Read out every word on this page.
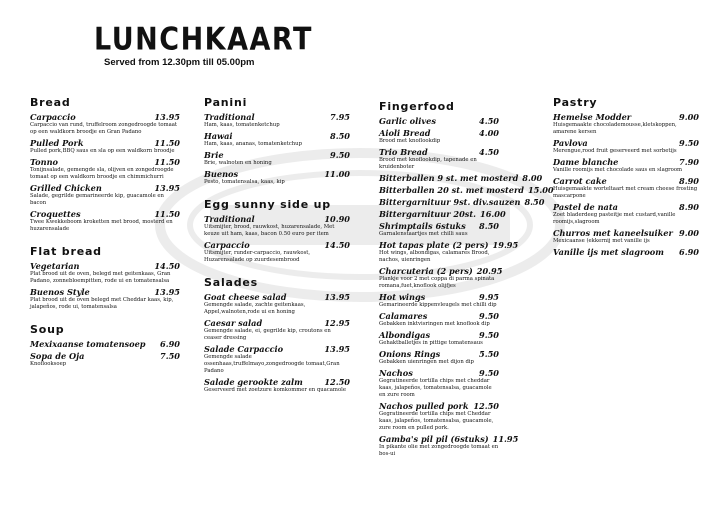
LUNCHKAART
Served from 12.30pm till 05.00pm
Bread
Carpaccio	13.95
Carpaccio van rund, truffelroom zongedroogde tomaat op een waldkorn broodje en Gran Padano
Pulled Pork	11.50
Pulled pork,BBQ saus en sla op een waldkorn broodje
Tonno	11.50
Tonijnsalade, gemengde sla, olijven en zongedroogde tomaat op een waldkorn broodje en chimmichurri
Grilled Chicken	13.95
Salade, gegrilde gemarineerde kip, guacamole en bacon
Croquettes	11.50
Twee Kwekkeboom kroketten met brood, mosterd en huzarensalade
Flat bread
Vegetarian	14.50
Plat brood uit de oven, belegd met geitenkaas, Gran Padano, zonnebloempitten, rode ui en tomatensalsa
Buenos Style	13.95
Plat brood uit de oven belegd met Cheddar kaas, kip, jalapeños, rode ui, tomatensalsa
Soup
Mexixaanse tomatensoep 6.90
Sopa de Oja	7.50
Knoflooksoep
Panini
Traditional	7.95
Ham, kaas, tomatenketchup
Hawai	8.50
Ham, kaas, ananas, tomatenketchup
Brie	9.50
Brie, walnoten en honing
Buenos	11.00
Pesto, tomatensalsa, kaas, kip
Egg sunny side up
Traditional	10.90
Uitsmijter, brood, rauwkost, huzarensalade, Met keuze uit ham, kaas, bacon 0.50 euro per item
Carpaccio	14.50
Uitsmijter, runder-carpaccio, rauwkost, Huzarensalade op zuurdesembrood
Salades
Goat cheese salad	13.95
Gemengde salade, zachte geitenkaas, Appel,walnoten,rode ui en honing
Caesar salad	12.95
Gemengde salade, ei, gegrilde kip, croutons en ceaser dressing
Salade Carpaccio	13.95
Gemengde salade ossenhaas,truffelmayo,zongedroogde tomaat,Gran Padano
Salade gerookte zalm	12.50
Geserveerd met zoetzure komkommer en quacamole
Fingerfood
Garlic olives	4.50
Aioli Bread	4.00
Brood met knoflookdip
Trio Bread	4.50
Brood met knoflookdip, tapenade en kruidenboter
Bitterballen 9 st. met mosterd 8.00
Bitterballen 20 st. met mosterd 15.00
Bittergarnituur 9st. div.sauzen 8.50
Bittergarnituur 20st. 16.00
Shrimptails 6stuks 8.50
Garnalenstaartjes met chilli saus
Hot tapas plate (2 pers) 19.95
Hot wings, albondigas, calamares Brood, nachos, uienringen
Charcuteria (2 pers) 20.95
Plankje voor 2 met coppa di parma spinata romana,fuet,knoflook olijfjes
Hot wings	9.95
Gemarineerde kippenvleugels met chilli dip
Calamares	9.50
Gebakken inktvisringen met knoflook dip
Albondigas	9.50
Gehaktballetjes in pittige tomatensaus
Onions Rings	5.50
Gebakken uienringen met dijon dip
Nachos	9.50
Gegratineerde tortilla chips met cheddar kaas, jalapeños, tomatensalsa, guacamole en zure room
Nachos pulled pork 12.50
Gegratineerde tortilla chips met Cheddar kaas, jalapeños, tomatensalsa, guacamole, zure room en pulled pork.
Gamba's pil pil (6stuks) 11.95
In pikante olie met zongedroogde tomaat en bos-ui
Pastry
Hemelse Modder	9.00
Huisgemaakte chocolademousse,kletskoppen, amarene kersen
Pavlova	9.50
Merengue,rood fruit geserveerd met sorbetijs
Dame blanche	7.90
Vanille roomijs met chocolade saus en slagroom
Carrot cake	8.90
Huisgemaakte worteltaart met cream cheese frosting mascarpone
Pastel de nata	8.90
Zoet bladerdeeg pasteitje met custard,vanille roomijs,slagroom
Churros met kaneelsuiker 9.00
Mexicaanse (ekkernij met vanille ijs
Vanille ijs met slagroom 6.90
